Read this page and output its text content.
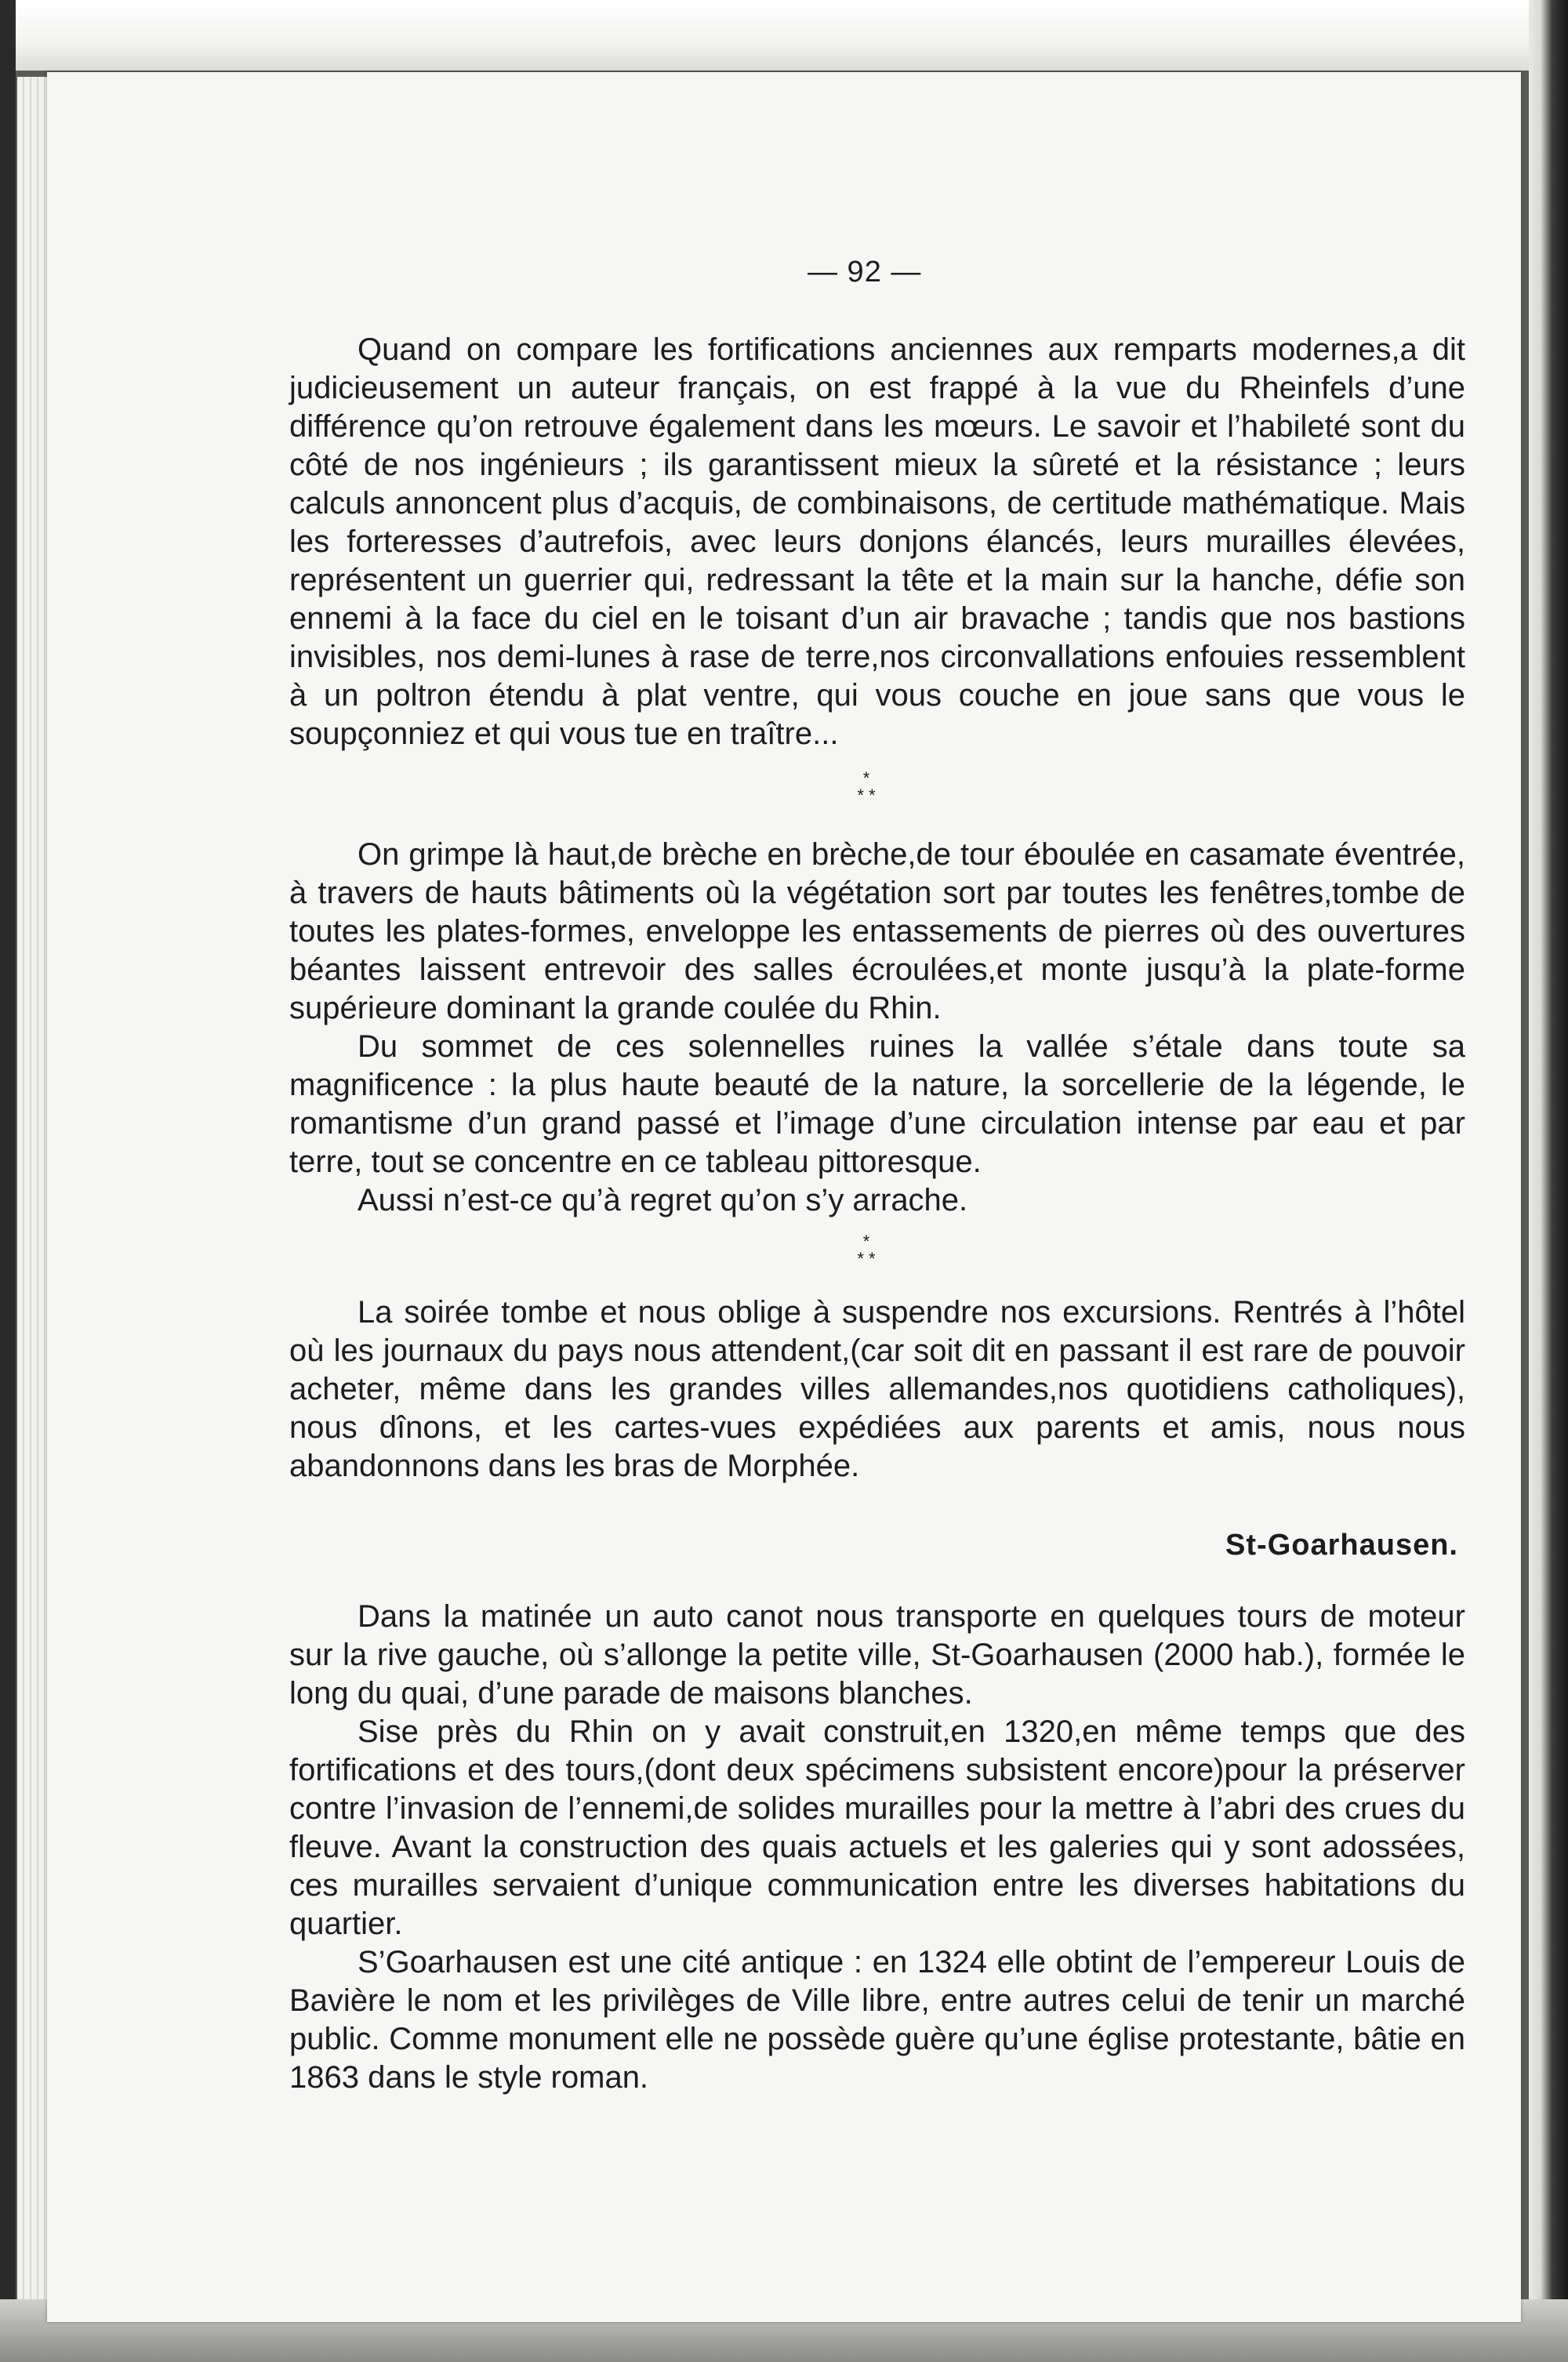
— 92 —

Quand on compare les fortifications anciennes aux remparts modernes,a dit judicieusement un auteur français, on est frappé à la vue du Rheinfels d’une différence qu’on retrouve également dans les mœurs. Le savoir et l’habileté sont du côté de nos ingénieurs ; ils garantissent mieux la sûreté et la résistance ; leurs calculs annoncent plus d’acquis, de combinaisons, de certitude mathématique. Mais les forteresses d’autrefois, avec leurs donjons élancés, leurs murailles élevées, représentent un guerrier qui, redressant la tête et la main sur la hanche, défie son ennemi à la face du ciel en le toisant d’un air bravache ; tandis que nos bastions invisibles, nos demi-lunes à rase de terre,nos circonvallations enfouies ressemblent à un poltron étendu à plat ventre, qui vous couche en joue sans que vous le soupçonniez et qui vous tue en traître...

*
* *

On grimpe là haut,de brèche en brèche,de tour éboulée en casamate éventrée, à travers de hauts bâtiments où la végétation sort par toutes les fenêtres,tombe de toutes les plates-formes, enveloppe les entassements de pierres où des ouvertures béantes laissent entrevoir des salles écroulées,et monte jusqu’à la plate-forme supérieure dominant la grande coulée du Rhin.

Du sommet de ces solennelles ruines la vallée s’étale dans toute sa magnificence : la plus haute beauté de la nature, la sorcellerie de la légende, le romantisme d’un grand passé et l’image d’une circulation intense par eau et par terre, tout se concentre en ce tableau pittoresque.

Aussi n’est-ce qu’à regret qu’on s’y arrache.

*
* *

La soirée tombe et nous oblige à suspendre nos excursions. Rentrés à l’hôtel où les journaux du pays nous attendent,(car soit dit en passant il est rare de pouvoir acheter, même dans les grandes villes allemandes,nos quotidiens catholiques), nous dînons, et les cartes-vues expédiées aux parents et amis, nous nous abandonnons dans les bras de Morphée.

St-Goarhausen.

Dans la matinée un auto canot nous transporte en quelques tours de moteur sur la rive gauche, où s’allonge la petite ville, St-Goarhausen (2000 hab.), formée le long du quai, d’une parade de maisons blanches.

Sise près du Rhin on y avait construit,en 1320,en même temps que des fortifications et des tours,(dont deux spécimens subsistent encore)pour la préserver contre l’invasion de l’ennemi,de solides murailles pour la mettre à l’abri des crues du fleuve. Avant la construction des quais actuels et les galeries qui y sont adossées, ces murailles servaient d’unique communication entre les diverses habitations du quartier.

S’Goarhausen est une cité antique : en 1324 elle obtint de l’empereur Louis de Bavière le nom et les privilèges de Ville libre, entre autres celui de tenir un marché public. Comme monument elle ne possède guère qu’une église protestante, bâtie en 1863 dans le style roman.
